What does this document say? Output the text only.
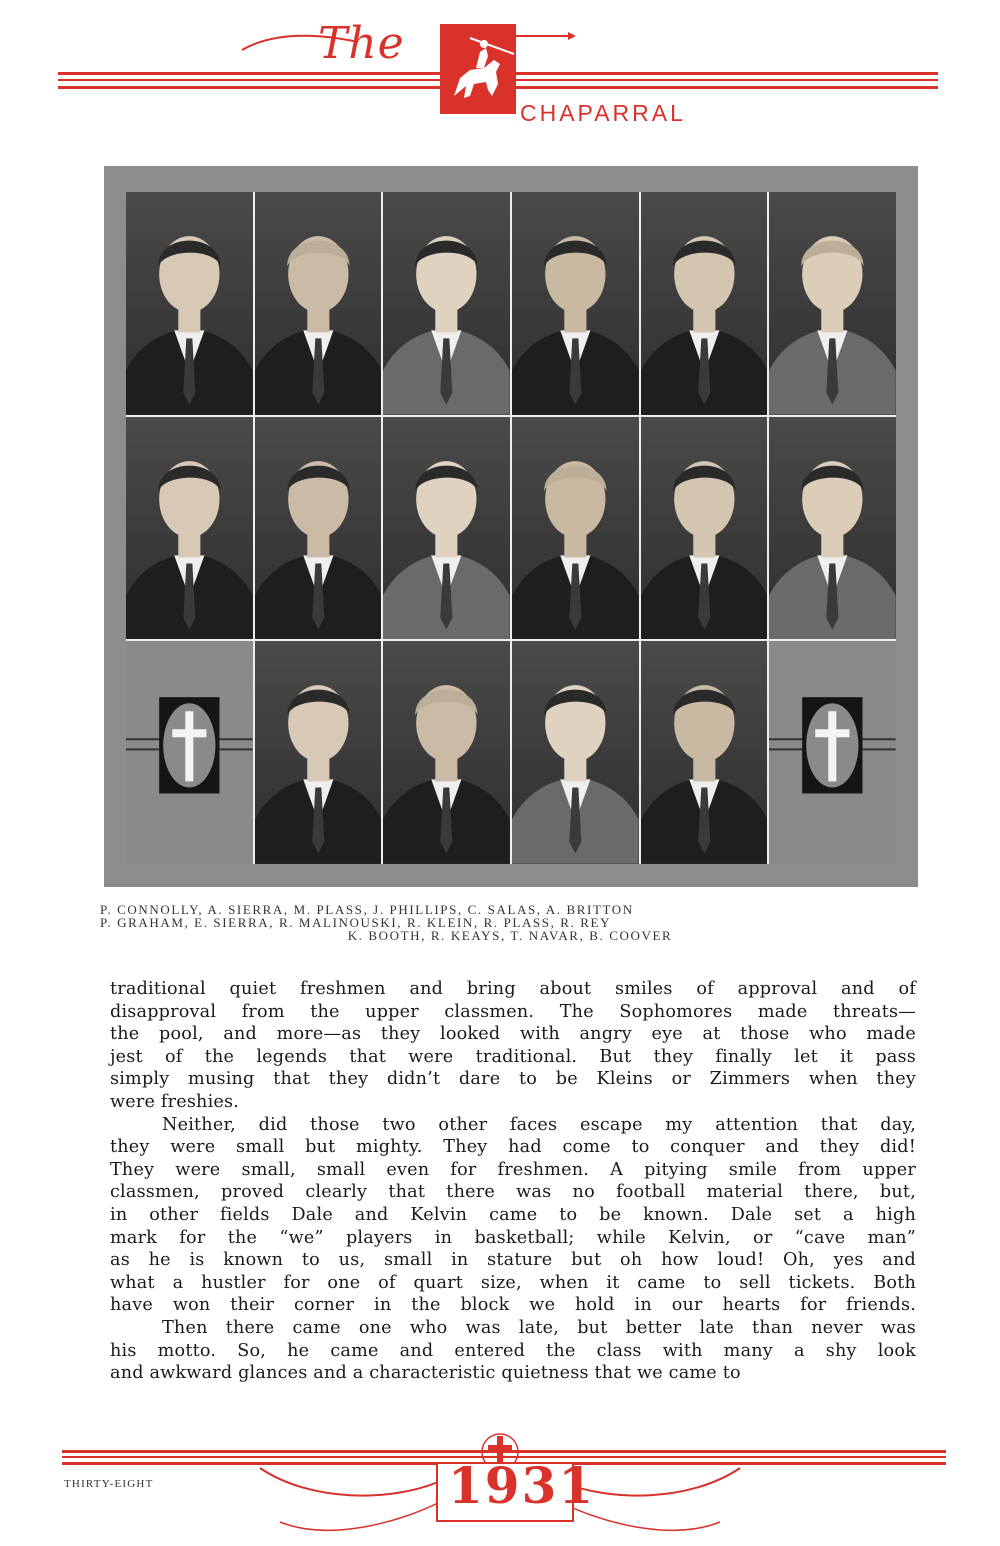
The
CHAPARRAL
P. CONNOLLY, A. SIERRA, M. PLASS, J. PHILLIPS, C. SALAS, A. BRITTON
P. GRAHAM, E. SIERRA, R. MALINOUSKI, R. KLEIN, R. PLASS, R. REY
K. BOOTH, R. KEAYS, T. NAVAR, B. COOVER
traditional quiet freshmen and bring about smiles of approval and of
disapproval from the upper classmen. The Sophomores made threats—
the pool, and more—as they looked with angry eye at those who made
jest of the legends that were traditional. But they finally let it pass
simply musing that they didn’t dare to be Kleins or Zimmers when they
were freshies.
Neither, did those two other faces escape my attention that day,
they were small but mighty. They had come to conquer and they did!
They were small, small even for freshmen. A pitying smile from upper
classmen, proved clearly that there was no football material there, but,
in other fields Dale and Kelvin came to be known. Dale set a high
mark for the “we” players in basketball; while Kelvin, or “cave man”
as he is known to us, small in stature but oh how loud! Oh, yes and
what a hustler for one of quart size, when it came to sell tickets. Both
have won their corner in the block we hold in our hearts for friends.
Then there came one who was late, but better late than never was
his motto. So, he came and entered the class with many a shy look
and awkward glances and a characteristic quietness that we came to
1931
THIRTY-EIGHT
